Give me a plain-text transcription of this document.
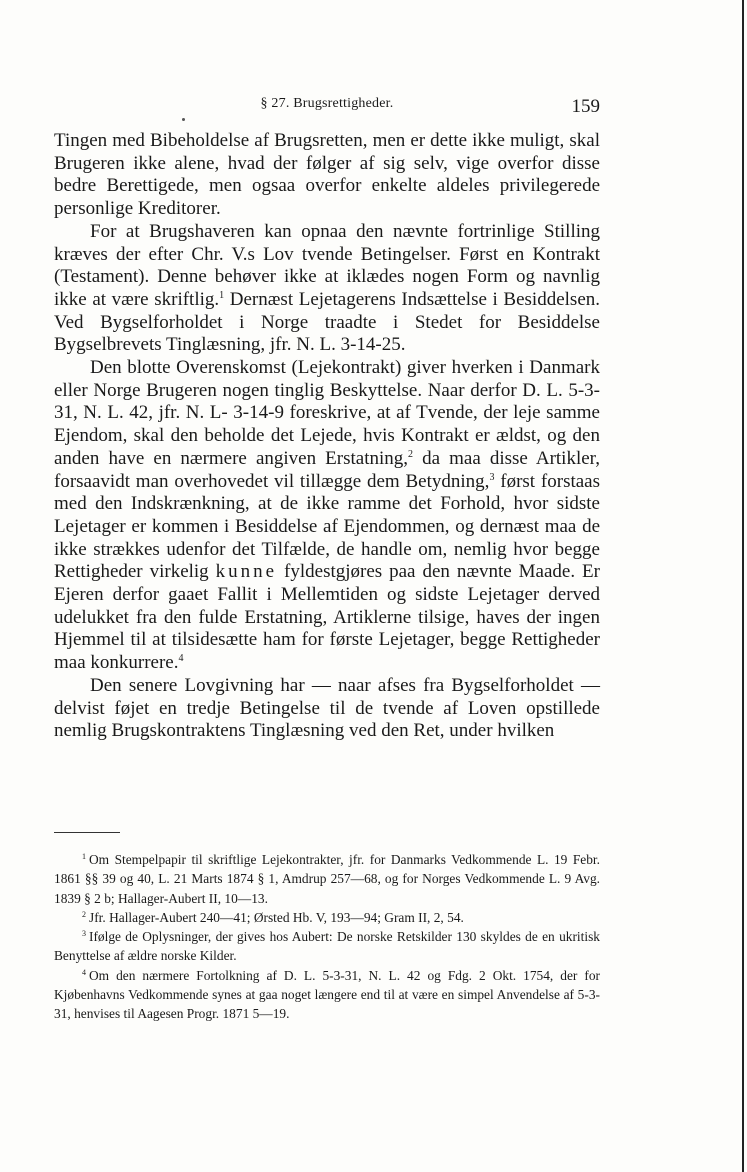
§ 27. Brugsrettigheder.	159

Tingen med Bibeholdelse af Brugsretten, men er dette ikke muligt, skal Brugeren ikke alene, hvad der følger af sig selv, vige overfor disse bedre Berettigede, men ogsaa overfor enkelte aldeles privilegerede personlige Kreditorer.

For at Brugshaveren kan opnaa den nævnte fortrinlige Stilling kræves der efter Chr. V.s Lov tvende Betingelser. Først en Kontrakt (Testament). Denne behøver ikke at iklædes nogen Form og navnlig ikke at være skriftlig.$^1$ Dernæst Lejetagerens Indsættelse i Besiddelsen. Ved Bygselforholdet i Norge traadte i Stedet for Besiddelse Bygselbrevets Tinglæsning, jfr. N. L. 3-14-25.

Den blotte Overenskomst (Lejekontrakt) giver hverken i Danmark eller Norge Brugeren nogen tinglig Beskyttelse. Naar derfor D. L. 5-3-31, N. L. 42, jfr. N. L- 3-14-9 foreskrive, at af Tvende, der leje samme Ejendom, skal den beholde det Lejede, hvis Kontrakt er ældst, og den anden have en nærmere angiven Erstatning,$^2$ da maa disse Artikler, forsaavidt man overhovedet vil tillægge dem Betydning,$^3$ først forstaas med den Indskrænkning, at de ikke ramme det Forhold, hvor sidste Lejetager er kommen i Besiddelse af Ejendommen, og dernæst maa de ikke strækkes udenfor det Tilfælde, de handle om, nemlig hvor begge Rettigheder virkelig kunne fyldestgjøres paa den nævnte Maade. Er Ejeren derfor gaaet Fallit i Mellemtiden og sidste Lejetager derved udelukket fra den fulde Erstatning, Artiklerne tilsige, haves der ingen Hjemmel til at tilsidesætte ham for første Lejetager, begge Rettigheder maa konkurrere.$^4$

Den senere Lovgivning har — naar afses fra Bygselforholdet — delvist føjet en tredje Betingelse til de tvende af Loven opstillede nemlig Brugskontraktens Tinglæsning ved den Ret, under hvilken

$^1$ Om Stempelpapir til skriftlige Lejekontrakter, jfr. for Danmarks Vedkommende L. 19 Febr. 1861 §§ 39 og 40, L. 21 Marts 1874 § 1, Amdrup 257—68, og for Norges Vedkommende L. 9 Avg. 1839 § 2 b; Hallager-Aubert II, 10—13.

$^2$ Jfr. Hallager-Aubert 240—41; Ørsted Hb. V, 193—94; Gram II, 2, 54.

$^3$ Ifølge de Oplysninger, der gives hos Aubert: De norske Retskilder 130 skyldes de en ukritisk Benyttelse af ældre norske Kilder.

$^4$ Om den nærmere Fortolkning af D. L. 5-3-31, N. L. 42 og Fdg. 2 Okt. 1754, der for Kjøbenhavns Vedkommende synes at gaa noget længere end til at være en simpel Anvendelse af 5-3-31, henvises til Aagesen Progr. 1871 5—19.
